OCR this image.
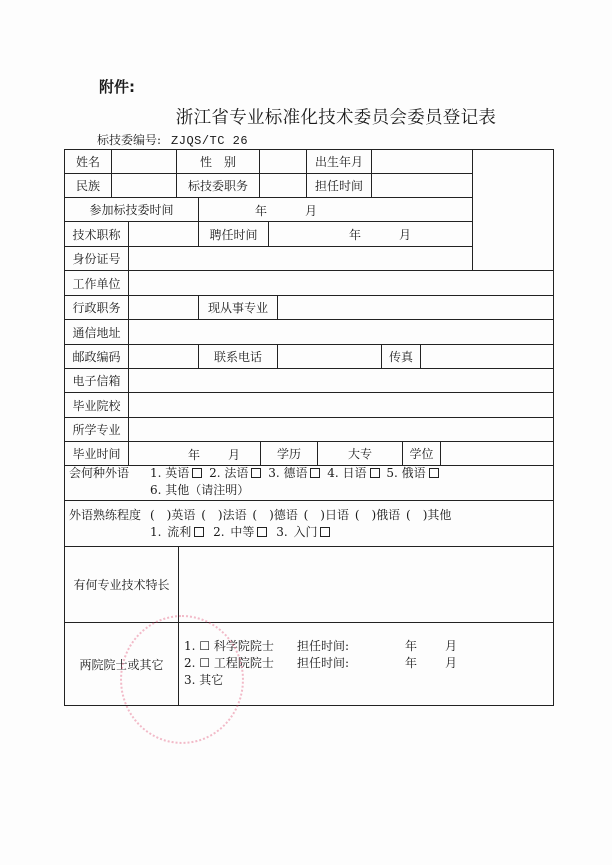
附件:
浙江省专业标准化技术委员会委员登记表
标技委编号: ZJQS/TC 26
姓名	性　别	出生年月
民族	标技委职务	担任时间
参加标技委时间	年	月
技术职称	聘任时间	年	月
身份证号
工作单位
行政职务	现从事专业
通信地址
邮政编码	联系电话	传真
电子信箱
毕业院校
所学专业
毕业时间	年 月	学历	大专	学位
会何种外语 1. 英语 2. 法语 3. 德语 4. 日语 5. 俄语
6. 其他（请注明）
外语熟练程度 (　)英语 (　)法语 (　)德语 (　)日语 (　)俄语 (　)其他
1. 流利 2. 中等 3. 入门
有何专业技术特长
两院院士或其它
1. ☐ 科学院院士 担任时间:	年 月
2. ☐ 工程院院士 担任时间:	年 月
3. 其它
